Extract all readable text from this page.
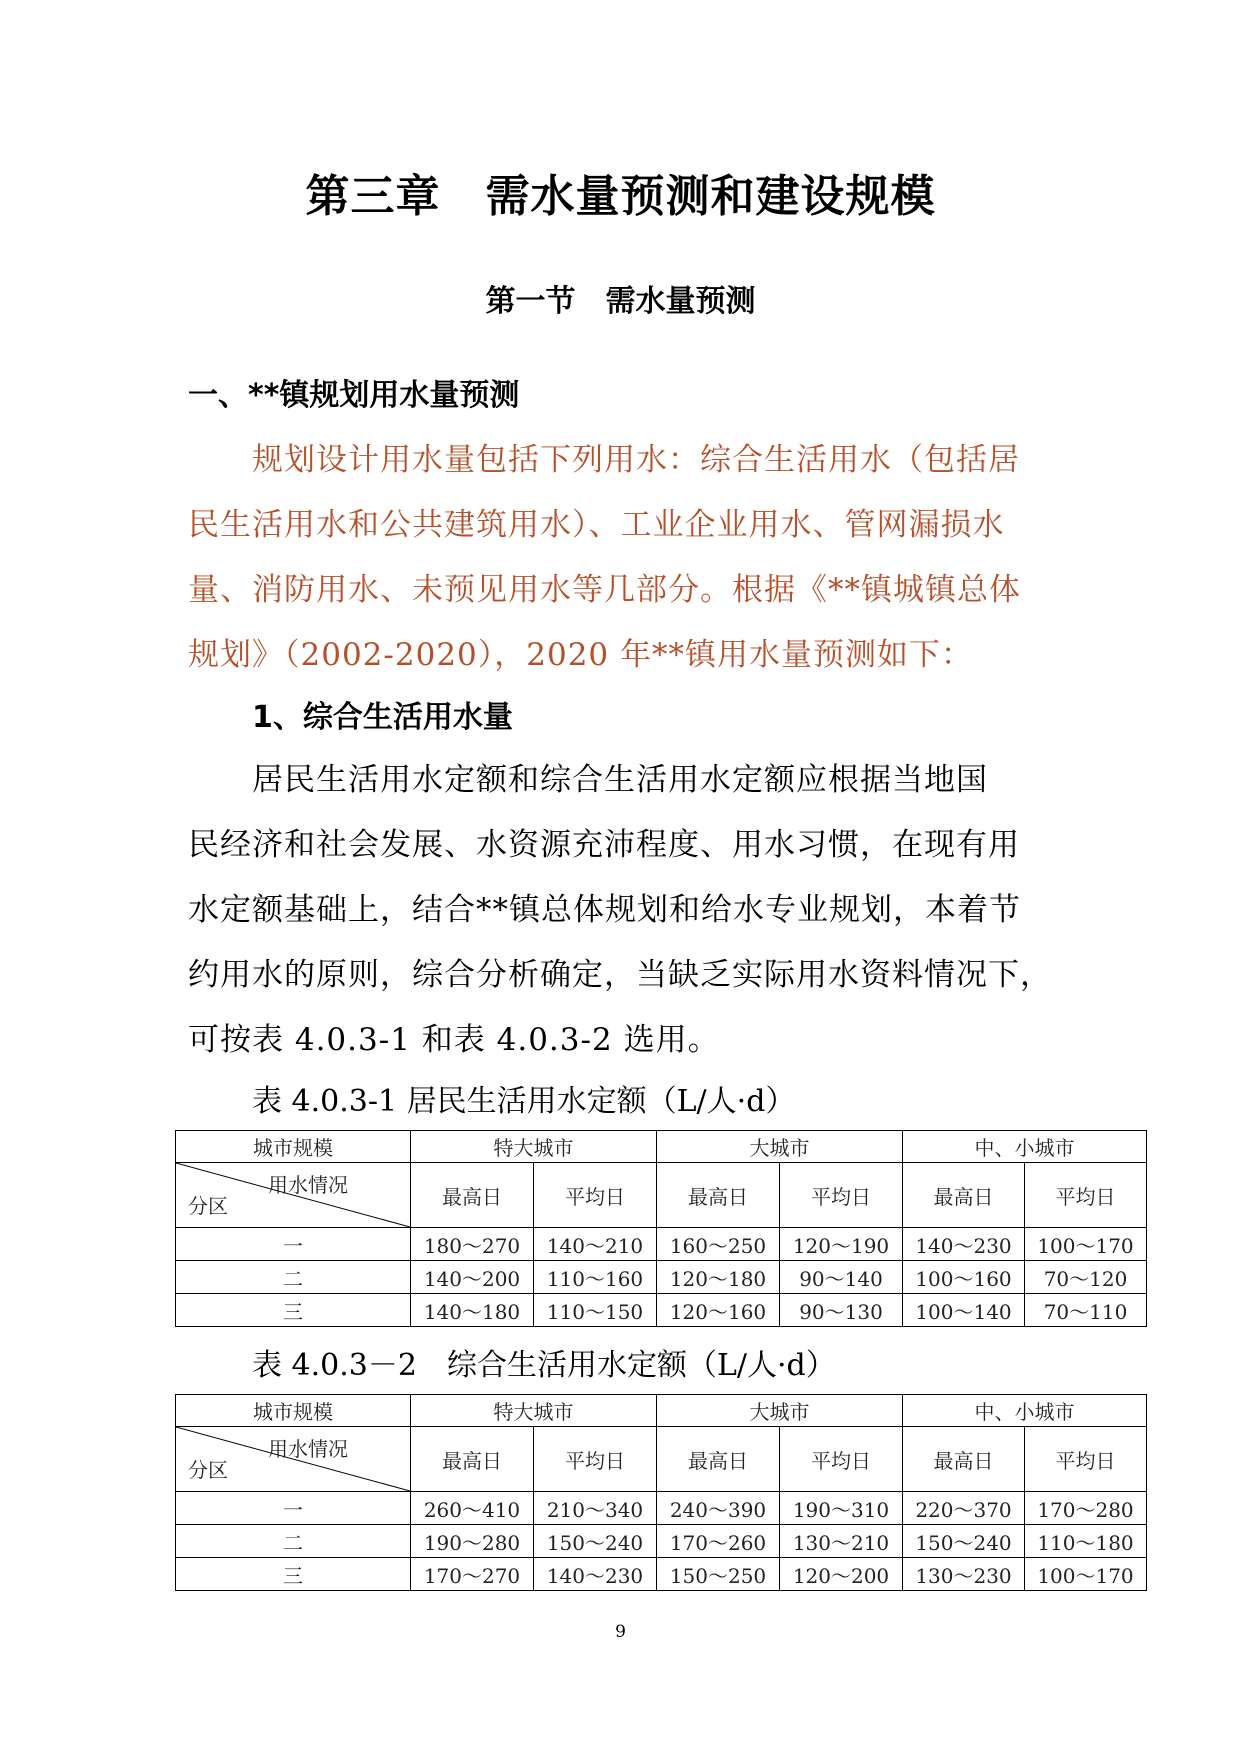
第三章　需水量预测和建设规模
第一节　需水量预测
一、**镇规划用水量预测
规划设计用水量包括下列用水：综合生活用水（包括居
民生活用水和公共建筑用水）、工业企业用水、管网漏损水
量、消防用水、未预见用水等几部分。根据《**镇城镇总体
规划》（2002-2020），2020 年**镇用水量预测如下：
1、综合生活用水量
居民生活用水定额和综合生活用水定额应根据当地国
民经济和社会发展、水资源充沛程度、用水习惯，在现有用
水定额基础上，结合**镇总体规划和给水专业规划，本着节
约用水的原则，综合分析确定，当缺乏实际用水资料情况下，
可按表 4.0.3-1 和表 4.0.3-2 选用。
表 4.0.3-1 居民生活用水定额（L/人·d）
城市规模	特大城市		大城市		中、小城市	

用水情况
分区	最高日	平均日	最高日	平均日	最高日	平均日
一	180～270	140～210	160～250	120～190	140～230	100～170
二	140～200	110～160	120～180	90～140	100～160	70～120
三	140～180	110～150	120～160	90～130	100～140	70～110
表 4.0.3－2　综合生活用水定额（L/人·d）
城市规模	特大城市		大城市		中、小城市	

用水情况
分区	最高日	平均日	最高日	平均日	最高日	平均日
一	260～410	210～340	240～390	190～310	220～370	170～280
二	190～280	150～240	170～260	130～210	150～240	110～180
三	170～270	140～230	150～250	120～200	130～230	100～170
9
